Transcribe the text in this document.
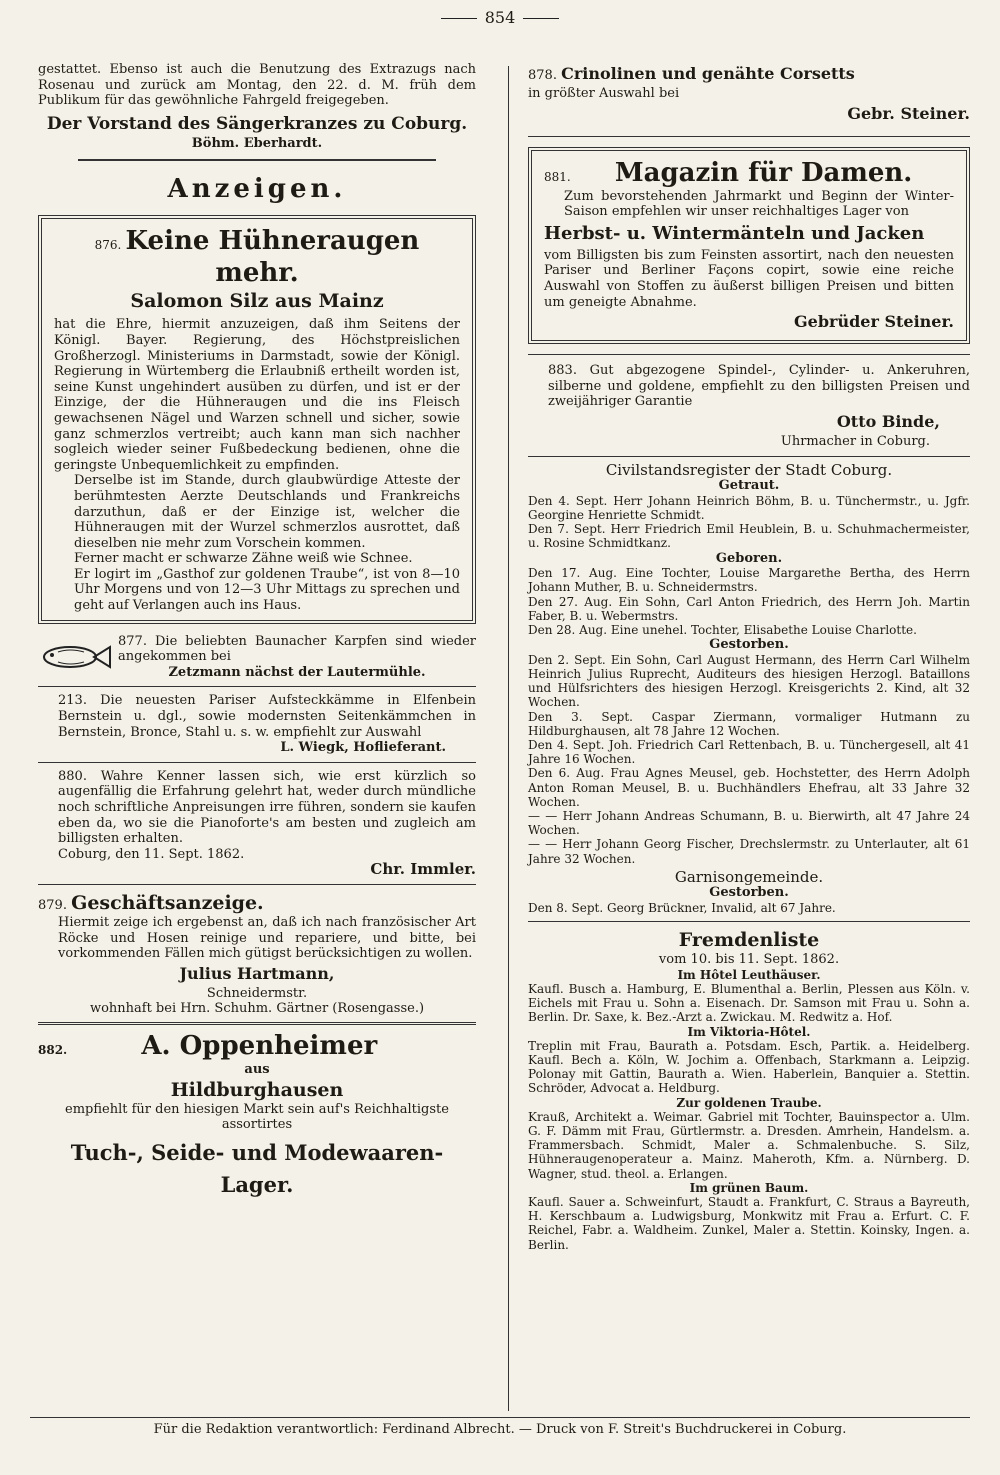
854

gestattet. Ebenso ist auch die Benutzung des Extrazugs nach Rosenau und zurück am Montag, den 22. d. M. früh dem Publikum für das gewöhnliche Fahrgeld freigegeben.

Der Vorstand des Sängerkranzes zu Coburg.

Böhm. Eberhardt.

Anzeigen.

876. Keine Hühneraugen mehr.

Salomon Silz aus Mainz

hat die Ehre, hiermit anzuzeigen, daß ihm Seitens der Königl. Bayer. Regierung, des Höchstpreislichen Großherzogl. Ministeriums in Darmstadt, sowie der Königl. Regierung in Würtemberg die Erlaubniß ertheilt worden ist, seine Kunst ungehindert ausüben zu dürfen, und ist er der Einzige, der die Hühneraugen und die ins Fleisch gewachsenen Nägel und Warzen schnell und sicher, sowie ganz schmerzlos vertreibt; auch kann man sich nachher sogleich wieder seiner Fußbedeckung bedienen, ohne die geringste Unbequemlichkeit zu empfinden.

Derselbe ist im Stande, durch glaubwürdige Atteste der berühmtesten Aerzte Deutschlands und Frankreichs darzuthun, daß er der Einzige ist, welcher die Hühneraugen mit der Wurzel schmerzlos ausrottet, daß dieselben nie mehr zum Vorschein kommen.

Ferner macht er schwarze Zähne weiß wie Schnee.

Er logirt im „Gasthof zur goldenen Traube“, ist von 8—10 Uhr Morgens und von 12—3 Uhr Mittags zu sprechen und geht auf Verlangen auch ins Haus.

877. Die beliebten Baunacher Karpfen sind wieder angekommen bei

Zetzmann nächst der Lautermühle.

213. Die neuesten Pariser Aufsteckkämme in Elfenbein Bernstein u. dgl., sowie modernsten Seitenkämmchen in Bernstein, Bronce, Stahl u. s. w. empfiehlt zur Auswahl

L. Wiegk, Hoflieferant.

880. Wahre Kenner lassen sich, wie erst kürzlich so augenfällig die Erfahrung gelehrt hat, weder durch mündliche noch schriftliche Anpreisungen irre führen, sondern sie kaufen eben da, wo sie die Pianoforte's am besten und zugleich am billigsten erhalten.

Coburg, den 11. Sept. 1862.

Chr. Immler.

879. Geschäftsanzeige.

Hiermit zeige ich ergebenst an, daß ich nach französischer Art Röcke und Hosen reinige und repariere, und bitte, bei vorkommenden Fällen mich gütigst berücksichtigen zu wollen.

Julius Hartmann,

Schneidermstr.

wohnhaft bei Hrn. Schuhm. Gärtner (Rosengasse.)

882.	A. Oppenheimer

aus

Hildburghausen

empfiehlt für den hiesigen Markt sein auf's Reichhaltigste assortirtes

Tuch-, Seide- und Modewaaren-Lager.

878. Crinolinen und genähte Corsetts

in größter Auswahl bei

Gebr. Steiner.

881. Magazin für Damen.

Zum bevorstehenden Jahrmarkt und Beginn der Winter-Saison empfehlen wir unser reichhaltiges Lager von

Herbst- u. Wintermänteln und Jacken

vom Billigsten bis zum Feinsten assortirt, nach den neuesten Pariser und Berliner Façons copirt, sowie eine reiche Auswahl von Stoffen zu äußerst billigen Preisen und bitten um geneigte Abnahme.

Gebrüder Steiner.

883. Gut abgezogene Spindel-, Cylinder- u. Ankeruhren, silberne und goldene, empfiehlt zu den billigsten Preisen und zweijähriger Garantie

Otto Binde,

Uhrmacher in Coburg.

Civilstandsregister der Stadt Coburg.

Getraut.

Den 4. Sept. Herr Johann Heinrich Böhm, B. u. Tünchermstr., u. Jgfr. Georgine Henriette Schmidt.

Den 7. Sept. Herr Friedrich Emil Heublein, B. u. Schuhmachermeister, u. Rosine Schmidtkanz.

Geboren.

Den 17. Aug. Eine Tochter, Louise Margarethe Bertha, des Herrn Johann Muther, B. u. Schneidermstrs.

Den 27. Aug. Ein Sohn, Carl Anton Friedrich, des Herrn Joh. Martin Faber, B. u. Webermstrs.

Den 28. Aug. Eine unehel. Tochter, Elisabethe Louise Charlotte.

Gestorben.

Den 2. Sept. Ein Sohn, Carl August Hermann, des Herrn Carl Wilhelm Heinrich Julius Ruprecht, Auditeurs des hiesigen Herzogl. Bataillons und Hülfsrichters des hiesigen Herzogl. Kreisgerichts 2. Kind, alt 32 Wochen.

Den 3. Sept. Caspar Ziermann, vormaliger Hutmann zu Hildburghausen, alt 78 Jahre 12 Wochen.

Den 4. Sept. Joh. Friedrich Carl Rettenbach, B. u. Tünchergesell, alt 41 Jahre 16 Wochen.

Den 6. Aug. Frau Agnes Meusel, geb. Hochstetter, des Herrn Adolph Anton Roman Meusel, B. u. Buchhändlers Ehefrau, alt 33 Jahre 32 Wochen.

— — Herr Johann Andreas Schumann, B. u. Bierwirth, alt 47 Jahre 24 Wochen.

— — Herr Johann Georg Fischer, Drechslermstr. zu Unterlauter, alt 61 Jahre 32 Wochen.

Garnisongemeinde.

Gestorben.

Den 8. Sept. Georg Brückner, Invalid, alt 67 Jahre.

Fremdenliste

vom 10. bis 11. Sept. 1862.

Im Hôtel Leuthäuser.

Kaufl. Busch a. Hamburg, E. Blumenthal a. Berlin, Plessen aus Köln. v. Eichels mit Frau u. Sohn a. Eisenach. Dr. Samson mit Frau u. Sohn a. Berlin. Dr. Saxe, k. Bez.-Arzt a. Zwickau. M. Redwitz a. Hof.

Im Viktoria-Hôtel.

Treplin mit Frau, Baurath a. Potsdam. Esch, Partik. a. Heidelberg. Kaufl. Bech a. Köln, W. Jochim a. Offenbach, Starkmann a. Leipzig. Polonay mit Gattin, Baurath a. Wien. Haberlein, Banquier a. Stettin. Schröder, Advocat a. Heldburg.

Zur goldenen Traube.

Krauß, Architekt a. Weimar. Gabriel mit Tochter, Bauinspector a. Ulm. G. F. Dämm mit Frau, Gürtlermstr. a. Dresden. Amrhein, Handelsm. a. Frammersbach. Schmidt, Maler a. Schmalenbuche. S. Silz, Hühneraugenoperateur a. Mainz. Maheroth, Kfm. a. Nürnberg. D. Wagner, stud. theol. a. Erlangen.

Im grünen Baum.

Kaufl. Sauer a. Schweinfurt, Staudt a. Frankfurt, C. Straus a Bayreuth, H. Kerschbaum a. Ludwigsburg, Monkwitz mit Frau a. Erfurt. C. F. Reichel, Fabr. a. Waldheim. Zunkel, Maler a. Stettin. Koinsky, Ingen. a. Berlin.

Für die Redaktion verantwortlich: Ferdinand Albrecht. — Druck von F. Streit's Buchdruckerei in Coburg.
